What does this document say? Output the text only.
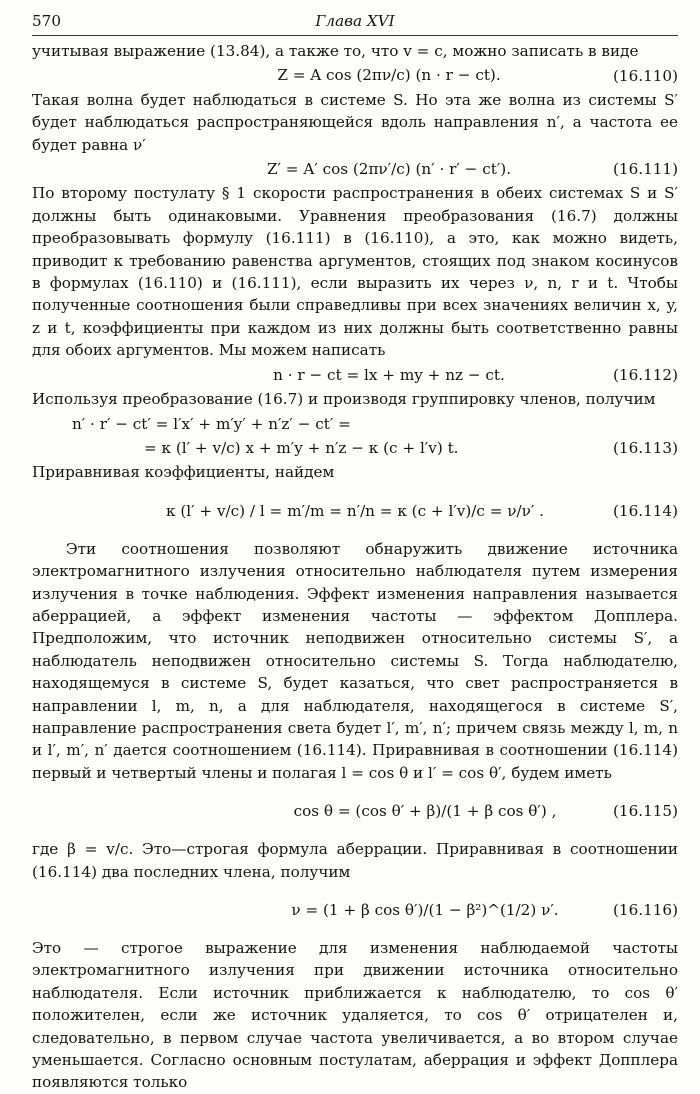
570	Глава XVI

учитывая выражение (13.84), а также то, что v = c, можно записать в виде

Z = A cos (2πν/c) (n · r − ct).	(16.110)

Такая волна будет наблюдаться в системе S. Но эта же волна из системы S′ будет наблюдаться распространяющейся вдоль направления n′, а частота ее будет равна ν′

Z′ = A′ cos (2πν′/c) (n′ · r′ − ct′).	(16.111)

По второму постулату § 1 скорости распространения в обеих системах S и S′ должны быть одинаковыми. Уравнения преобразования (16.7) должны преобразовывать формулу (16.111) в (16.110), а это, как можно видеть, приводит к требованию равенства аргументов, стоящих под знаком косинусов в формулах (16.110) и (16.111), если выразить их через ν, n, r и t. Чтобы полученные соотношения были справедливы при всех значениях величин x, y, z и t, коэффициенты при каждом из них должны быть соответственно равны для обоих аргументов. Мы можем написать

n · r − ct = lx + my + nz − ct.	(16.112)

Используя преобразование (16.7) и производя группировку членов, получим

n′ · r′ − ct′ = l′x′ + m′y′ + n′z′ − ct′ =
= κ (l′ + v/c) x + m′y + n′z − κ (c + l′v) t.	(16.113)

Приравнивая коэффициенты, найдем

κ (l′ + v/c) / l = m′/m = n′/n = κ (c + l′v)/c = ν/ν′ .	(16.114)

Эти соотношения позволяют обнаружить движение источника электромагнитного излучения относительно наблюдателя путем измерения излучения в точке наблюдения. Эффект изменения направления называется аберрацией, а эффект изменения частоты — эффектом Допплера. Предположим, что источник неподвижен относительно системы S′, а наблюдатель неподвижен относительно системы S. Тогда наблюдателю, находящемуся в системе S, будет казаться, что свет распространяется в направлении l, m, n, а для наблюдателя, находящегося в системе S′, направление распространения света будет l′, m′, n′; причем связь между l, m, n и l′, m′, n′ дается соотношением (16.114). Приравнивая в соотношении (16.114) первый и четвертый члены и полагая l = cos θ и l′ = cos θ′, будем иметь

cos θ = (cos θ′ + β)/(1 + β cos θ′) ,	(16.115)

где β = v/c. Это—строгая формула аберрации. Приравнивая в соотношении (16.114) два последних члена, получим

ν = (1 + β cos θ′)/(1 − β²)^(1/2) ν′.	(16.116)

Это — строгое выражение для изменения наблюдаемой частоты электромагнитного излучения при движении источника относительно наблюдателя. Если источник приближается к наблюдателю, то cos θ′ положителен, если же источник удаляется, то cos θ′ отрицателен и, следовательно, в первом случае частота увеличивается, а во втором случае уменьшается. Согласно основным постулатам, аберрация и эффект Допплера появляются только
